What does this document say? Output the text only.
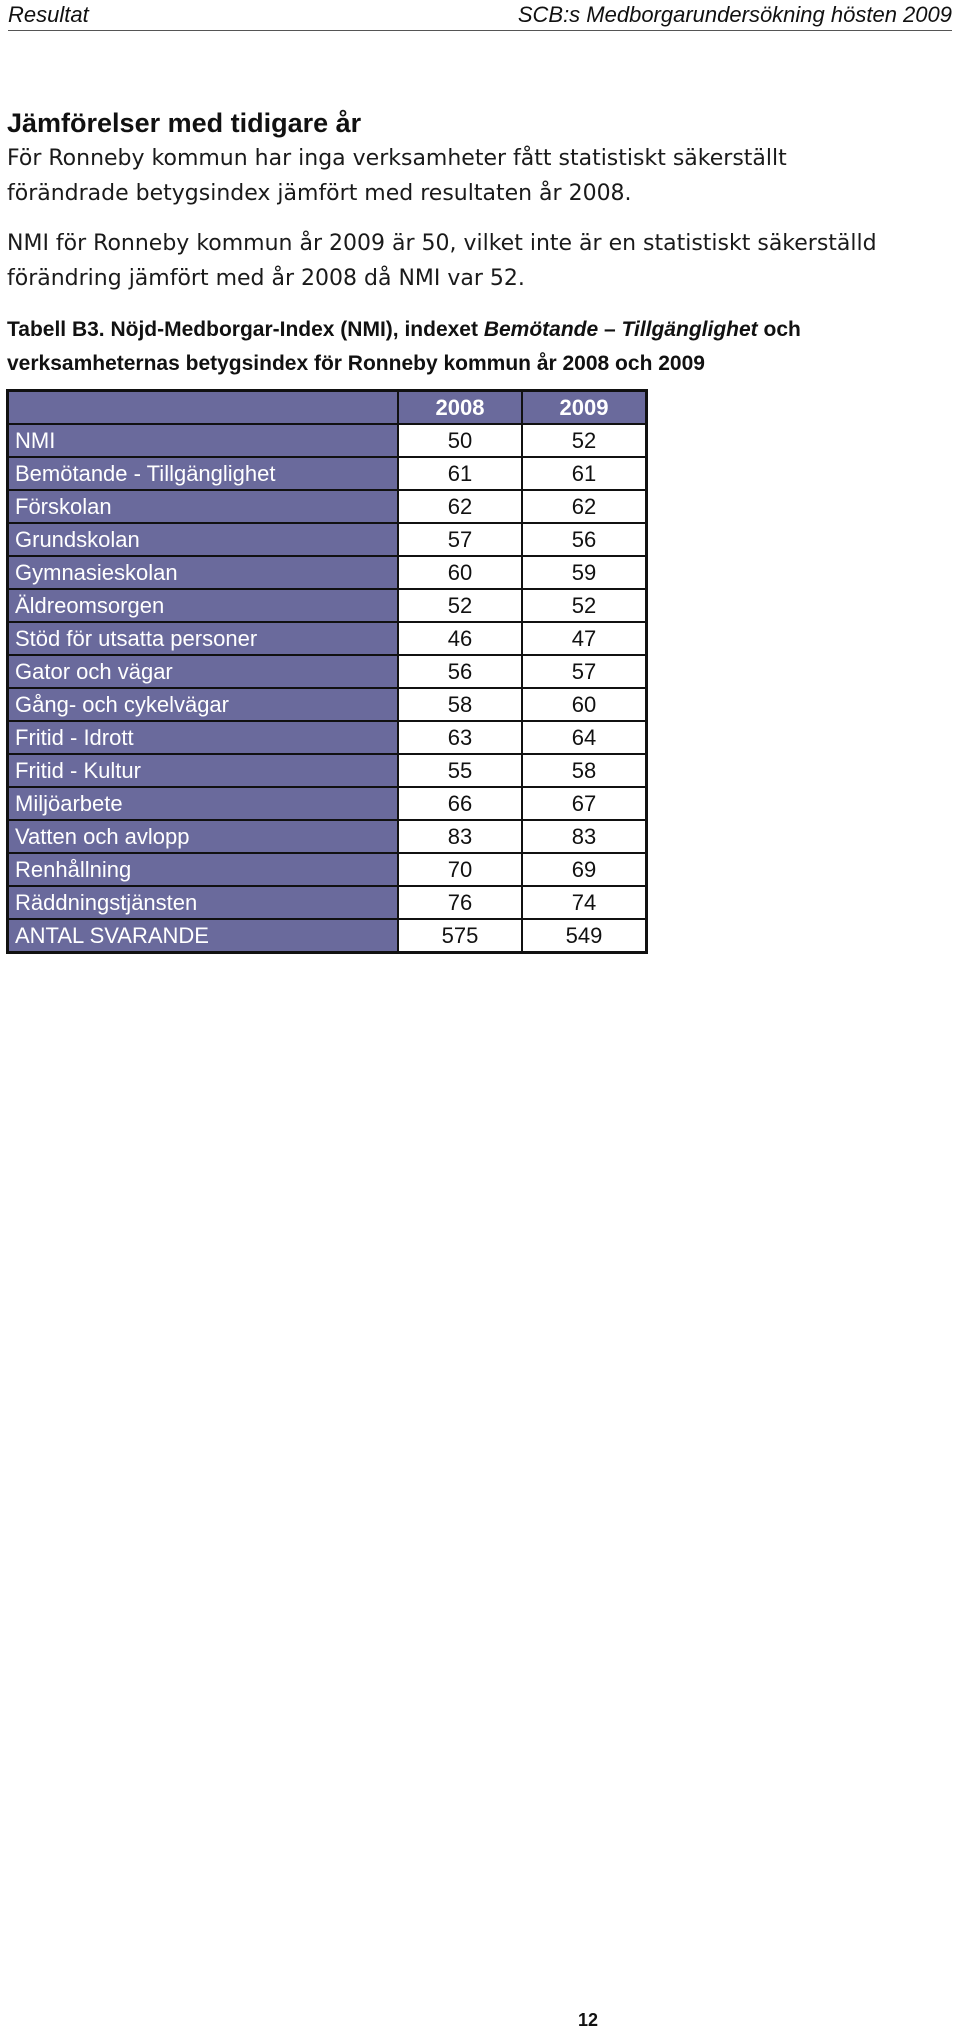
Resultat	SCB:s Medborgarundersökning hösten 2009
Jämförelser med tidigare år

För Ronneby kommun har inga verksamheter fått statistiskt säkerställt förändrade betygsindex jämfört med resultaten år 2008.

NMI för Ronneby kommun år 2009 är 50, vilket inte är en statistiskt säkerställd förändring jämfört med år 2008 då NMI var 52.

Tabell B3. Nöjd-Medborgar-Index (NMI), indexet Bemötande – Tillgänglighet och verksamheternas betygsindex för Ronneby kommun år 2008 och 2009

	2008	2009
NMI	50	52
Bemötande - Tillgänglighet	61	61
Förskolan	62	62
Grundskolan	57	56
Gymnasieskolan	60	59
Äldreomsorgen	52	52
Stöd för utsatta personer	46	47
Gator och vägar	56	57
Gång- och cykelvägar	58	60
Fritid - Idrott	63	64
Fritid - Kultur	55	58
Miljöarbete	66	67
Vatten och avlopp	83	83
Renhållning	70	69
Räddningstjänsten	76	74
ANTAL SVARANDE	575	549
12
